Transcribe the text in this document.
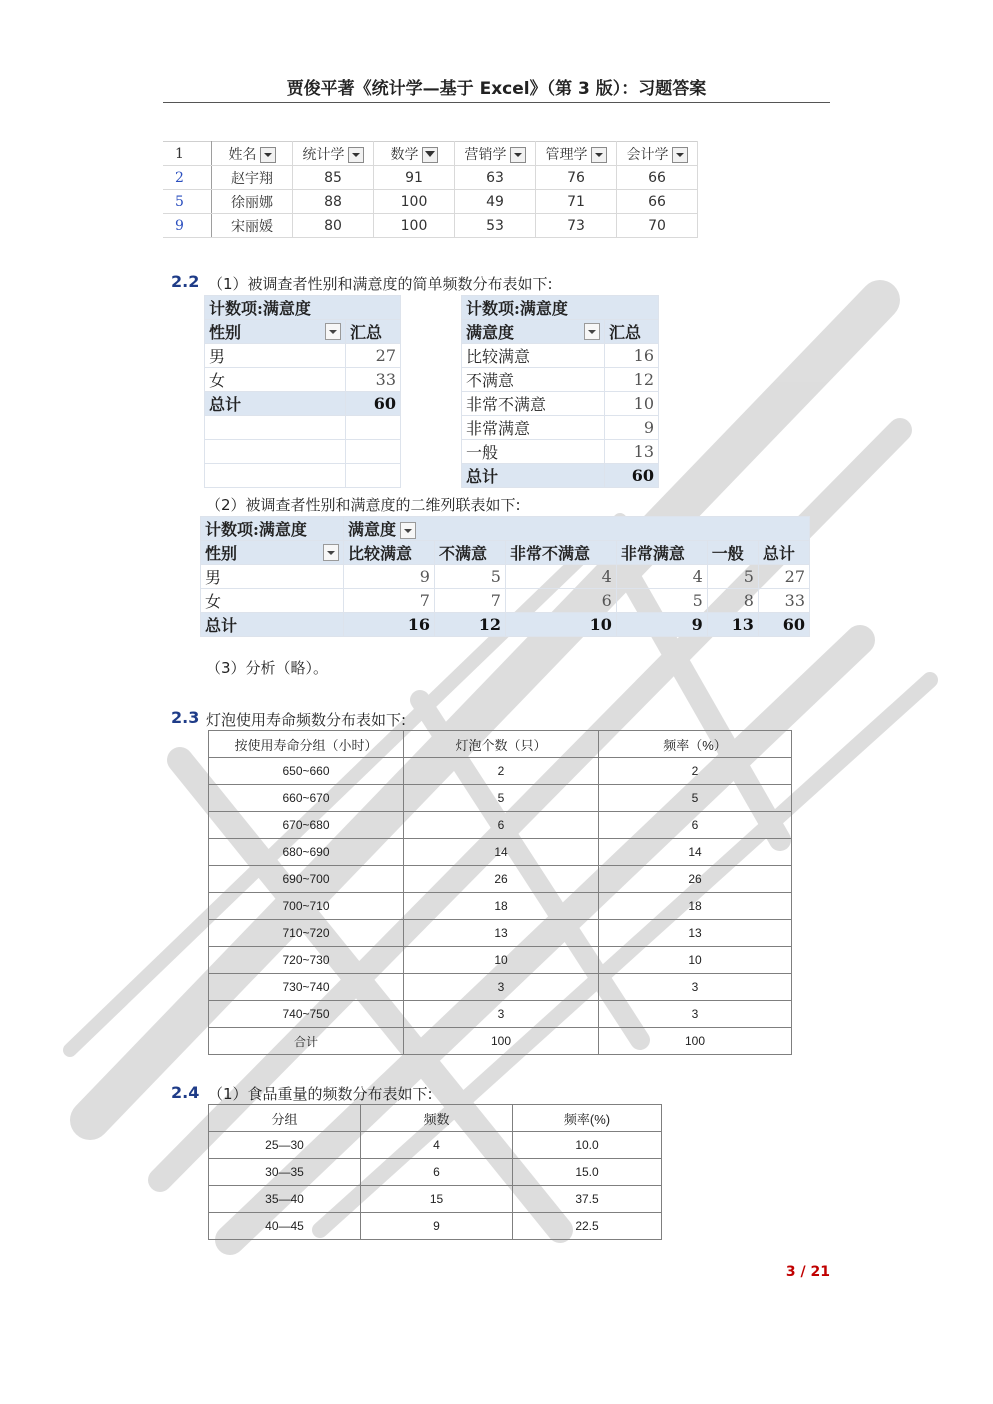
贾俊平著《统计学—基于 Excel》（第 3 版）：习题答案
1	姓名	统计学	数学	营销学	管理学	会计学
2	赵宇翔	85	91	63	76	66
5	徐丽娜	88	100	49	71	66
9	宋丽媛	80	100	53	73	70
2.2 （1）被调查者性别和满意度的简单频数分布表如下:
计数项:满意度	
性别	汇总
男	27
女	33
总计	60

计数项:满意度	
满意度	汇总
比较满意	16
不满意	12
非常不满意	10
非常满意	9
一般	13
总计	60
（2）被调查者性别和满意度的二维列联表如下:
计数项:满意度	满意度					
性别	比较满意	不满意	非常不满意	非常满意	一般	总计
男	9	5	4	4	5	27
女	7	7	6	5	8	33
总计	16	12	10	9	13	60
（3）分析（略）。
2.3 灯泡使用寿命频数分布表如下:
按使用寿命分组（小时）	灯泡个数（只）	频率（%）
650~660	2	2
660~670	5	5
670~680	6	6
680~690	14	14
690~700	26	26
700~710	18	18
710~720	13	13
720~730	10	10
730~740	3	3
740~750	3	3
合计	100	100
2.4 （1）食品重量的频数分布表如下:
分组	频数	频率(%)
25—30	4	10.0
30—35	6	15.0
35—40	15	37.5
40—45	9	22.5
3 / 21
